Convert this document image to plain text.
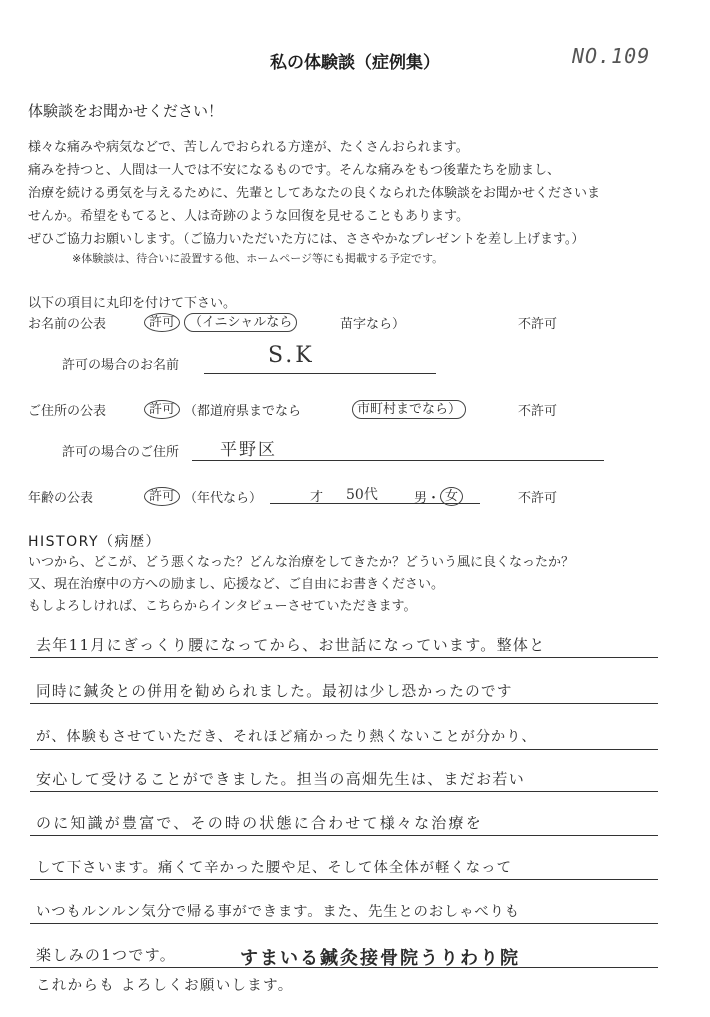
私の体験談（症例集）	NO.109
体験談をお聞かせください！
様々な痛みや病気などで、苦しんでおられる方達が、たくさんおられます。
痛みを持つと、人間は一人では不安になるものです。そんな痛みをもつ後輩たちを励まし、
治療を続ける勇気を与えるために、先輩としてあなたの良くなられた体験談をお聞かせくださいま
せんか。希望をもてると、人は奇跡のような回復を見せることもあります。
ぜひご協力お願いします。（ご協力いただいた方には、ささやかなプレゼントを差し上げます。）
※体験談は、待合いに設置する他、ホームページ等にも掲載する予定です。
以下の項目に丸印を付けて下さい。
お名前の公表	許可	（イニシャルなら	苗字なら）	不許可
許可の場合のお名前	S.K
ご住所の公表	許可 （都道府県までなら	市町村までなら）	不許可
許可の場合のご住所 平野区
年齢の公表	許可 （年代なら）	才 50代	男・ 女	不許可
HISTORY（病歴）
いつから、どこが、どう悪くなった？どんな治療をしてきたか？どういう風に良くなったか？
又、現在治療中の方への励まし、応援など、ご自由にお書きください。
もしよろしければ、こちらからインタビューさせていただきます。
去年11月にぎっくり腰になってから、お世話になっています。整体と
同時に鍼灸との併用を勧められました。最初は少し恐かったのです
が、体験もさせていただき、それほど痛かったり熱くないことが分かり、
安心して受けることができました。担当の高畑先生は、まだお若い
のに知識が豊富で、その時の状態に合わせて様々な治療を
して下さいます。痛くて辛かった腰や足、そして体全体が軽くなって
いつもルンルン気分で帰る事ができます。また、先生とのおしゃべりも
楽しみの1つです。	すまいる鍼灸接骨院うりわり院
これからも よろしくお願いします。
